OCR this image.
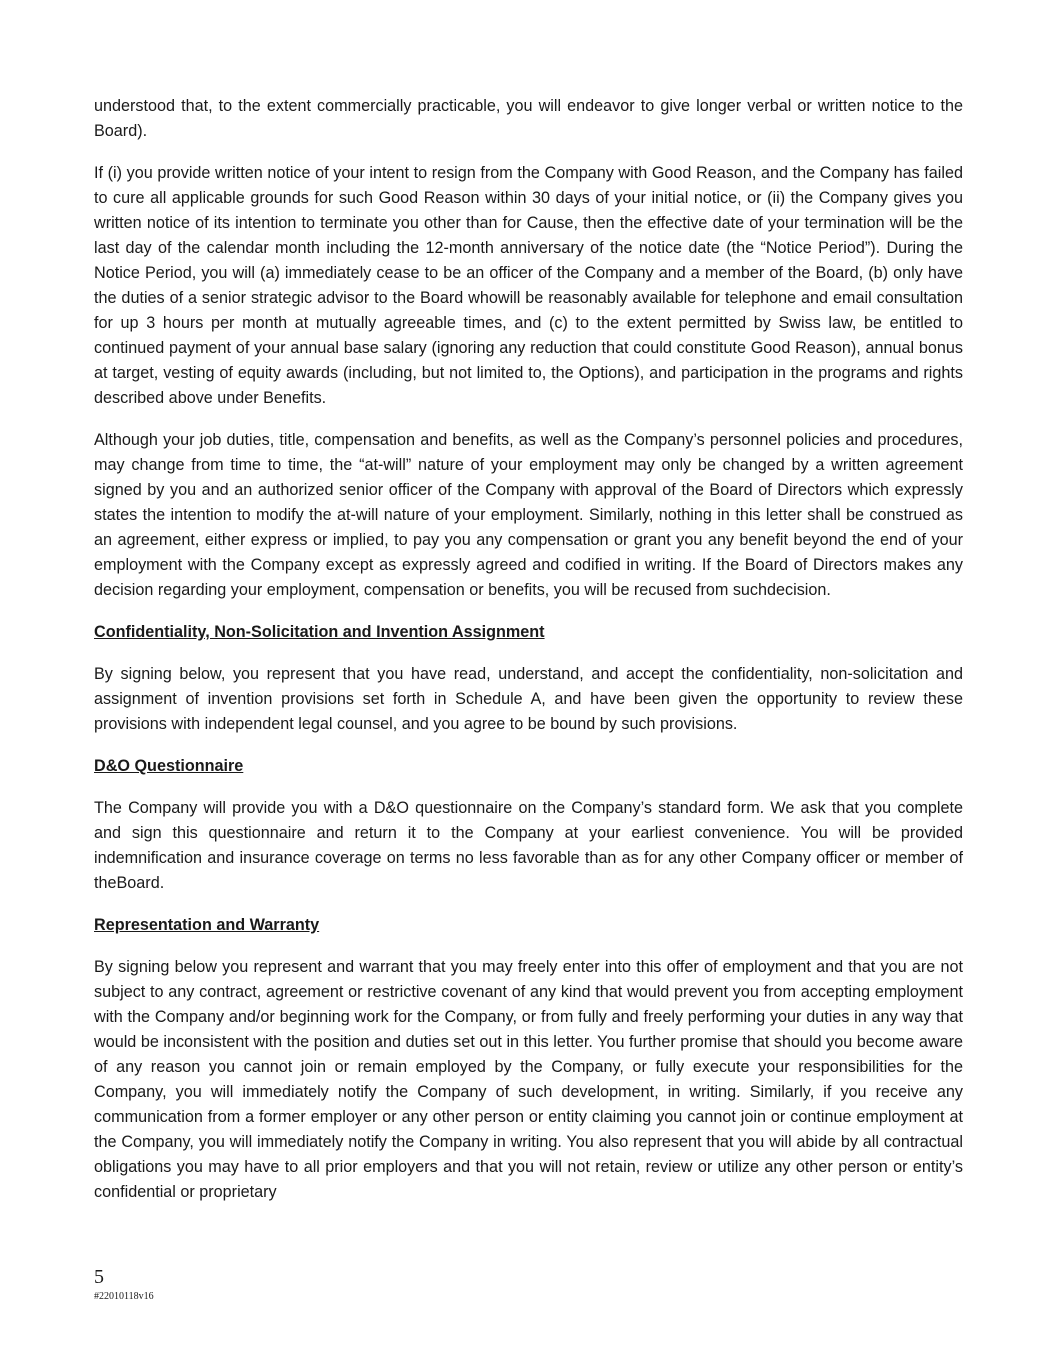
understood that, to the extent commercially practicable, you will endeavor to give longer verbal or written notice to the Board).

If (i) you provide written notice of your intent to resign from the Company with Good Reason, and the Company has failed to cure all applicable grounds for such Good Reason within 30 days of your initial notice, or (ii) the Company gives you written notice of its intention to terminate you other than for Cause, then the effective date of your termination will be the last day of the calendar month including the 12-month anniversary of the notice date (the “Notice Period”). During the Notice Period, you will (a) immediately cease to be an officer of the Company and a member of the Board, (b) only have the duties of a senior strategic advisor to the Board whowill be reasonably available for telephone and email consultation for up 3 hours per month at mutually agreeable times, and (c) to the extent permitted by Swiss law, be entitled to continued payment of your annual base salary (ignoring any reduction that could constitute Good Reason), annual bonus at target, vesting of equity awards (including, but not limited to, the Options), and participation in the programs and rights described above under Benefits.

Although your job duties, title, compensation and benefits, as well as the Company’s personnel policies and procedures, may change from time to time, the “at-will” nature of your employment may only be changed by a written agreement signed by you and an authorized senior officer of the Company with approval of the Board of Directors which expressly states the intention to modify the at-will nature of your employment. Similarly, nothing in this letter shall be construed as an agreement, either express or implied, to pay you any compensation or grant you any benefit beyond the end of your employment with the Company except as expressly agreed and codified in writing. If the Board of Directors makes any decision regarding your employment, compensation or benefits, you will be recused from suchdecision.

Confidentiality, Non-Solicitation and Invention Assignment

By signing below, you represent that you have read, understand, and accept the confidentiality, non-solicitation and assignment of invention provisions set forth in Schedule A, and have been given the opportunity to review these provisions with independent legal counsel, and you agree to be bound by such provisions.

D&O Questionnaire

The Company will provide you with a D&O questionnaire on the Company’s standard form. We ask that you complete and sign this questionnaire and return it to the Company at your earliest convenience. You will be provided indemnification and insurance coverage on terms no less favorable than as for any other Company officer or member of theBoard.

Representation and Warranty

By signing below you represent and warrant that you may freely enter into this offer of employment and that you are not subject to any contract, agreement or restrictive covenant of any kind that would prevent you from accepting employment with the Company and/or beginning work for the Company, or from fully and freely performing your duties in any way that would be inconsistent with the position and duties set out in this letter. You further promise that should you become aware of any reason you cannot join or remain employed by the Company, or fully execute your responsibilities for the Company, you will immediately notify the Company of such development, in writing. Similarly, if you receive any communication from a former employer or any other person or entity claiming you cannot join or continue employment at the Company, you will immediately notify the Company in writing. You also represent that you will abide by all contractual obligations you may have to all prior employers and that you will not retain, review or utilize any other person or entity’s confidential or proprietary

5
#22010118v16
